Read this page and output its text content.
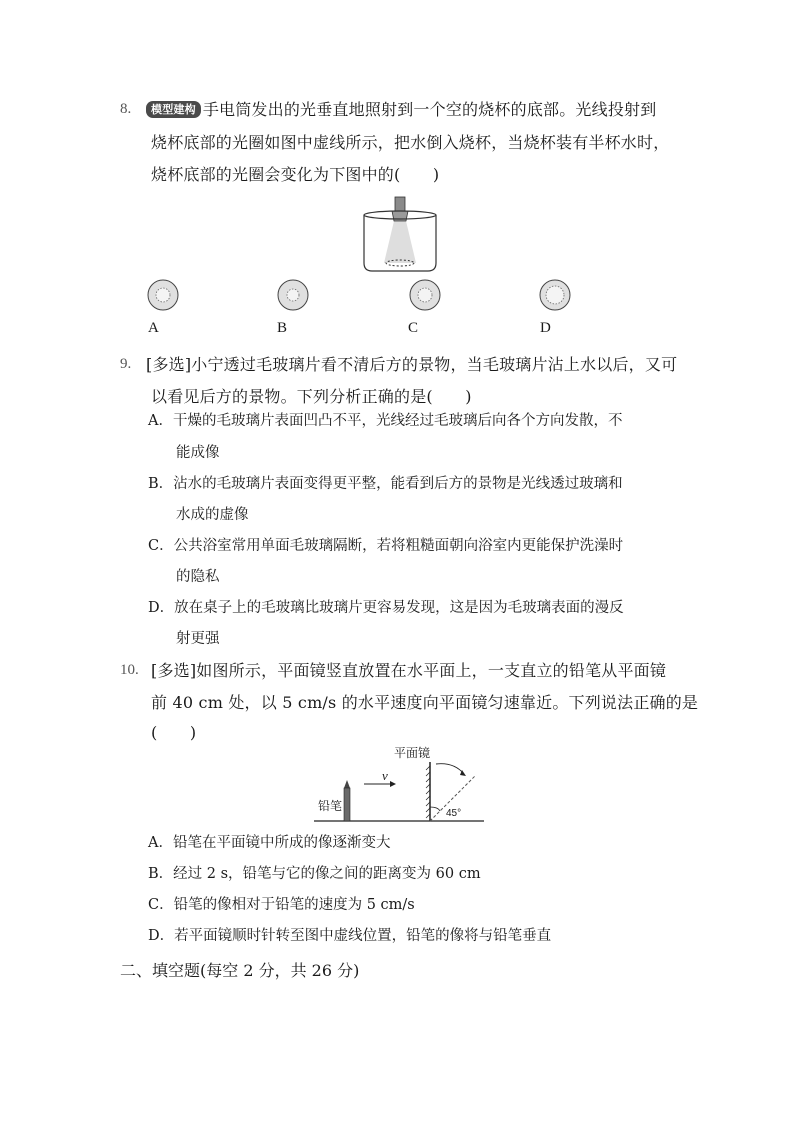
8.	模型建构 手电筒发出的光垂直地照射到一个空的烧杯的底部。光线投射到
烧杯底部的光圈如图中虚线所示，把水倒入烧杯，当烧杯装有半杯水时，
烧杯底部的光圈会变化为下图中的(　　)
A	B	C	D
9. [多选]小宁透过毛玻璃片看不清后方的景物，当毛玻璃片沾上水以后，又可
以看见后方的景物。下列分析正确的是(　　)
A．干燥的毛玻璃片表面凹凸不平，光线经过毛玻璃后向各个方向发散，不
能成像
B．沾水的毛玻璃片表面变得更平整，能看到后方的景物是光线透过玻璃和
水成的虚像
C．公共浴室常用单面毛玻璃隔断，若将粗糙面朝向浴室内更能保护洗澡时
的隐私
D．放在桌子上的毛玻璃比玻璃片更容易发现，这是因为毛玻璃表面的漫反
射更强
10. [多选]如图所示，平面镜竖直放置在水平面上，一支直立的铅笔从平面镜
前 40 cm 处，以 5 cm/s 的水平速度向平面镜匀速靠近。下列说法正确的是
(　　)
平面镜
铅笔
v
45°
A．铅笔在平面镜中所成的像逐渐变大
B．经过 2 s，铅笔与它的像之间的距离变为 60 cm
C．铅笔的像相对于铅笔的速度为 5 cm/s
D．若平面镜顺时针转至图中虚线位置，铅笔的像将与铅笔垂直
二、填空题(每空 2 分，共 26 分)
